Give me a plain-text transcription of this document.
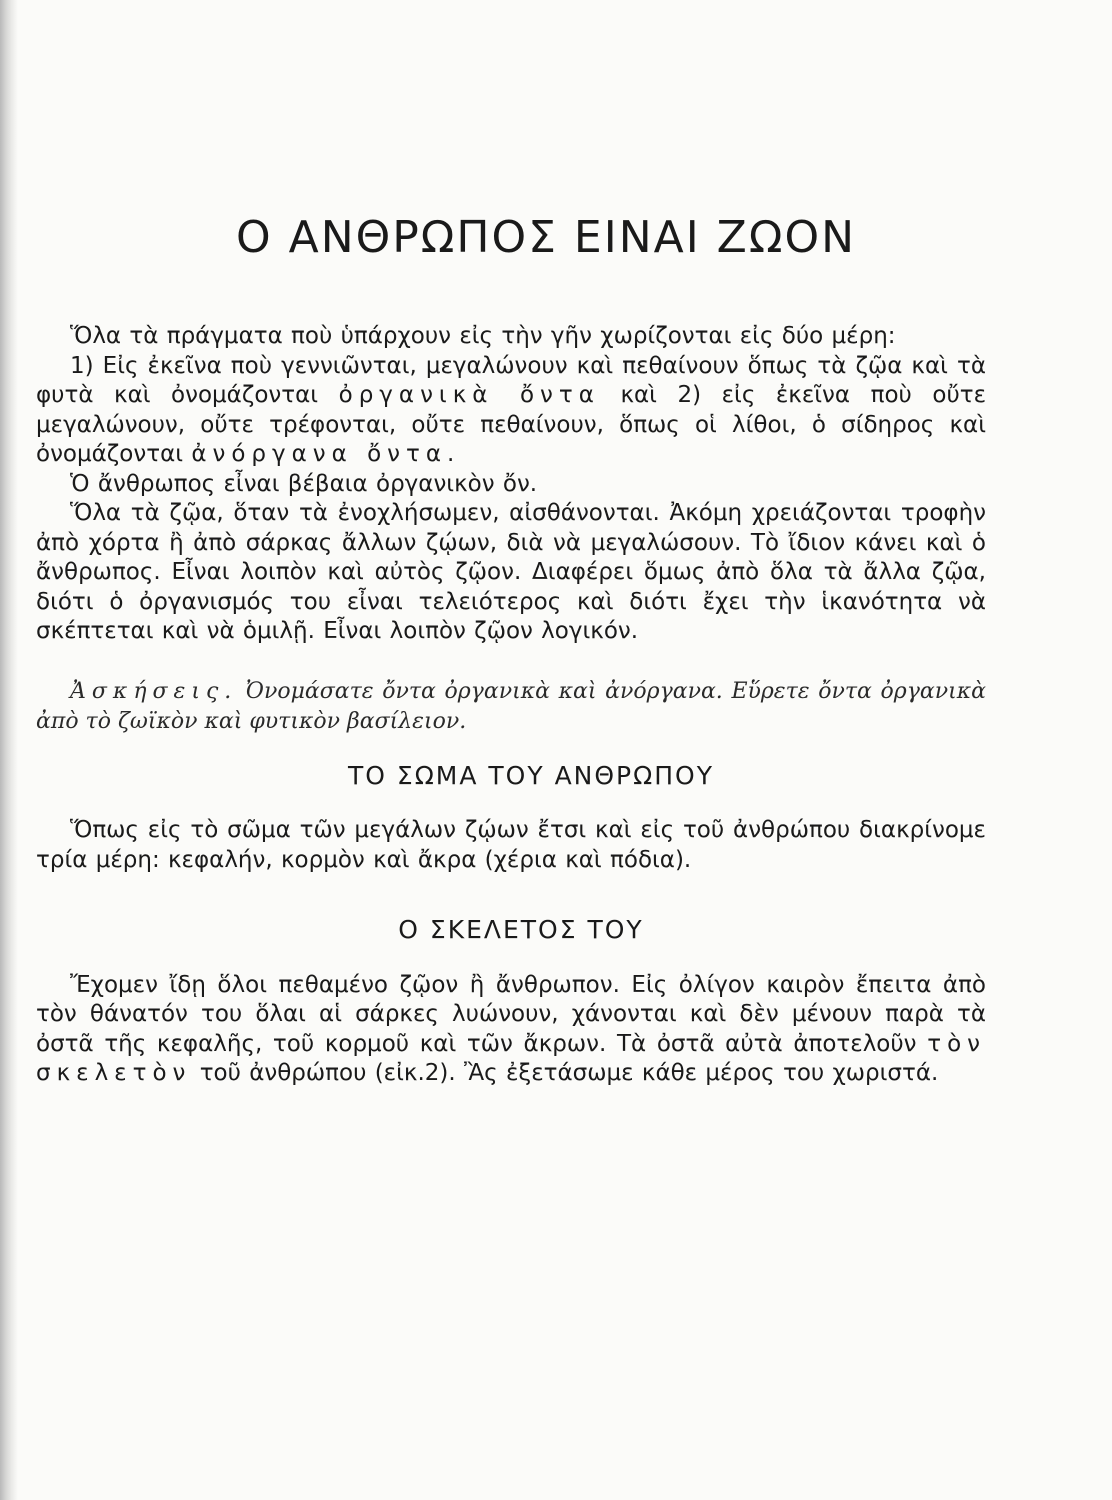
Ο ΑΝΘΡΩΠΟΣ ΕΙΝΑΙ ΖΩΟΝ

Ὅλα τὰ πράγματα ποὺ ὑπάρχουν εἰς τὴν γῆν χωρίζονται εἰς δύο μέρη:

1) Εἰς ἐκεῖνα ποὺ γεννιῶνται, μεγαλώνουν καὶ πεθαίνουν ὅπως τὰ ζῷα καὶ τὰ φυτὰ καὶ ὀνομάζονται ὀργανικὰ ὄντα καὶ 2) εἰς ἐκεῖνα ποὺ οὔτε μεγαλώνουν, οὔτε τρέφονται, οὔτε πεθαίνουν, ὅπως οἱ λίθοι, ὁ σίδηρος καὶ ὀνομάζονται ἀνόργανα ὄντα.

Ὁ ἄνθρωπος εἶναι βέβαια ὀργανικὸν ὄν.

Ὅλα τὰ ζῷα, ὅταν τὰ ἐνοχλήσωμεν, αἰσθάνονται. Ἀκόμη χρειάζονται τροφὴν ἀπὸ χόρτα ἢ ἀπὸ σάρκας ἄλλων ζῴων, διὰ νὰ μεγαλώσουν. Τὸ ἴδιον κάνει καὶ ὁ ἄνθρωπος. Εἶναι λοιπὸν καὶ αὐτὸς ζῷον. Διαφέρει ὅμως ἀπὸ ὅλα τὰ ἄλλα ζῷα, διότι ὁ ὀργανισμός του εἶναι τελειότερος καὶ διότι ἔχει τὴν ἱκανότητα νὰ σκέπτεται καὶ νὰ ὁμιλῇ. Εἶναι λοιπὸν ζῷον λογικόν.

Ἀσκήσεις. Ὀνομάσατε ὄντα ὀργανικὰ καὶ ἀνόργανα. Εὕρετε ὄντα ὀργανικὰ ἀπὸ τὸ ζωϊκὸν καὶ φυτικὸν βασίλειον.

ΤΟ ΣΩΜΑ ΤΟΥ ΑΝΘΡΩΠΟΥ

Ὅπως εἰς τὸ σῶμα τῶν μεγάλων ζῴων ἔτσι καὶ εἰς τοῦ ἀνθρώπου διακρίνομε τρία μέρη: κεφαλήν, κορμὸν καὶ ἄκρα (χέρια καὶ πόδια).

Ο ΣΚΕΛΕΤΟΣ ΤΟΥ

Ἔχομεν ἴδῃ ὅλοι πεθαμένο ζῷον ἢ ἄνθρωπον. Εἰς ὀλίγον καιρὸν ἔπειτα ἀπὸ τὸν θάνατόν του ὅλαι αἱ σάρκες λυώνουν, χάνονται καὶ δὲν μένουν παρὰ τὰ ὀστᾶ τῆς κεφαλῆς, τοῦ κορμοῦ καὶ τῶν ἄκρων. Τὰ ὀστᾶ αὐτὰ ἀποτελοῦν τὸν σκελετὸν τοῦ ἀνθρώπου (εἰκ.2). Ἂς ἐξετάσωμε κάθε μέρος του χωριστά.
